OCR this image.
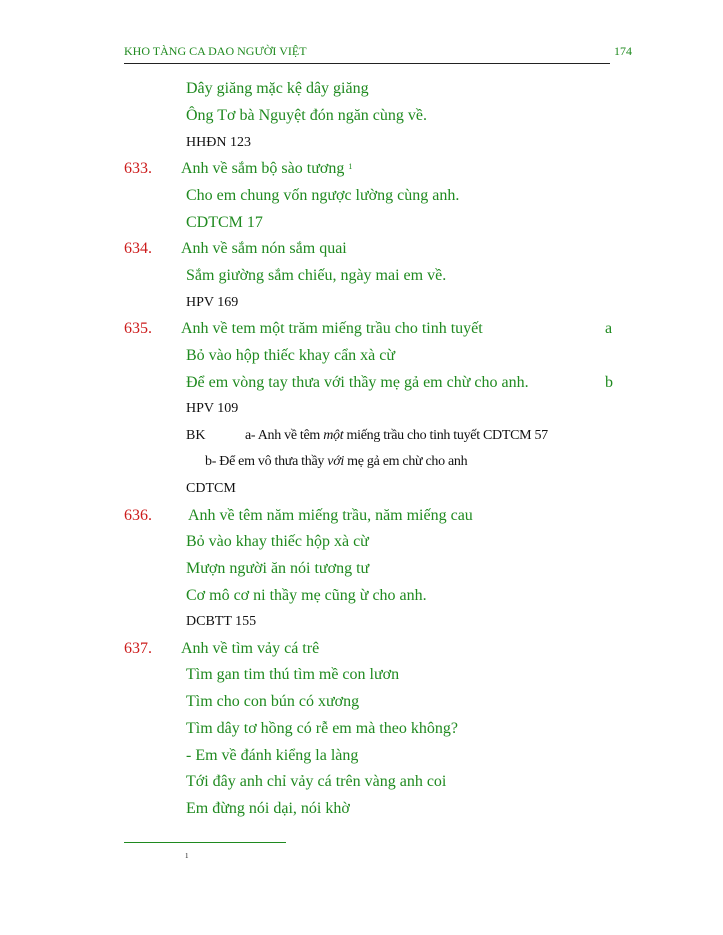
KHO TÀNG CA DAO NGƯỜI VIỆT	174
Dây giăng mặc kệ dây giăng
Ông Tơ bà Nguyệt đón ngăn cùng về.
HHĐN 123
633. Anh về sắm bộ sào tương $^1$
Cho em chung vốn ngược lường cùng anh.
CDTCM 17
634. Anh về sắm nón sắm quai
Sắm giường sắm chiếu, ngày mai em về.
HPV 169
635. Anh về tem một trăm miếng trầu cho tinh tuyết	a
Bỏ vào hộp thiếc khay cẩn xà cừ
Để em vòng tay thưa với thầy mẹ gả em chừ cho anh.	b
HPV 109
BK	a- Anh về têm một miếng trầu cho tinh tuyết CDTCM 57
b- Để em vô thưa thầy với mẹ gả em chừ cho anh
CDTCM
636. Anh về têm năm miếng trầu, năm miếng cau
Bỏ vào khay thiếc hộp xà cừ
Mượn người ăn nói tương tư
Cơ mô cơ ni thầy mẹ cũng ừ cho anh.
DCBTT 155
637. Anh về tìm vảy cá trê
Tìm gan tim thú tìm mề con lươn
Tìm cho con bún có xương
Tìm dây tơ hồng có rễ em mà theo không?
- Em về đánh kiểng la làng
Tới đây anh chỉ vảy cá trên vàng anh coi
Em đừng nói dại, nói khờ
1
